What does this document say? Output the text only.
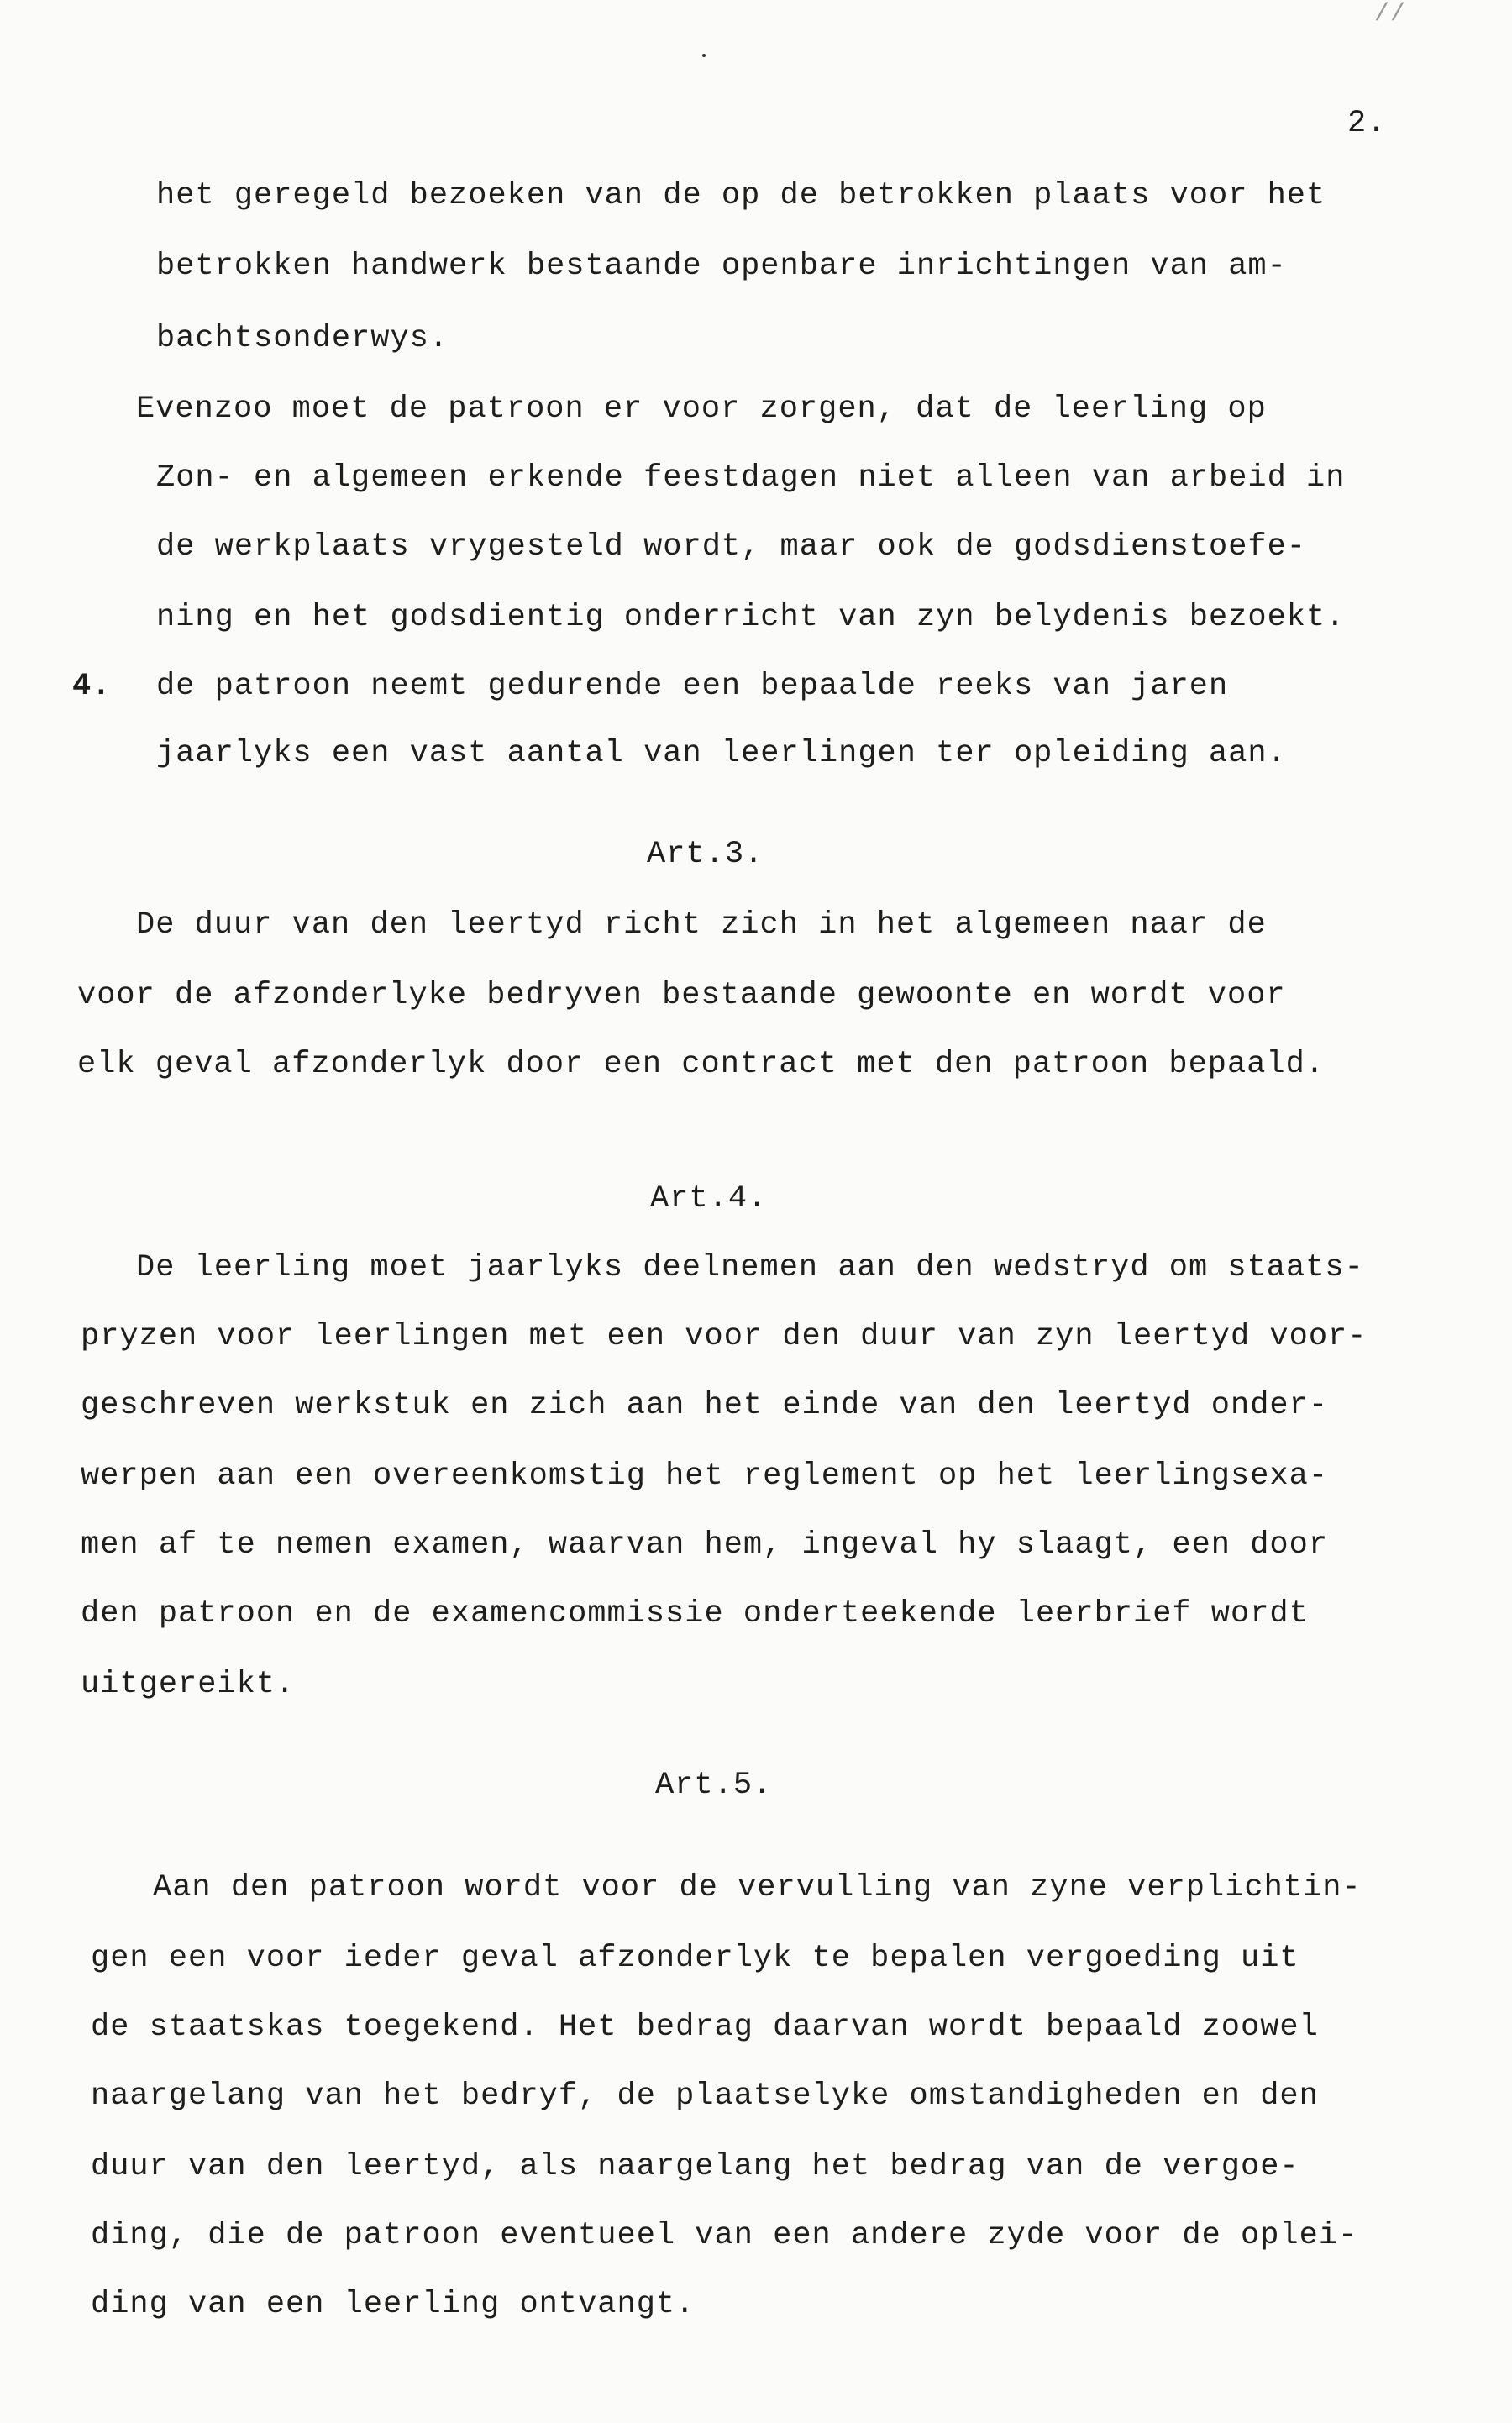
//
2.
het geregeld bezoeken van de op de betrokken plaats voor het
betrokken handwerk bestaande openbare inrichtingen van am-
bachtsonderwys.
Evenzoo moet de patroon er voor zorgen, dat de leerling op
Zon- en algemeen erkende feestdagen niet alleen van arbeid in
de werkplaats vrygesteld wordt, maar ook de godsdienstoefe-
ning en het godsdientig onderricht van zyn belydenis bezoekt.
4. de patroon neemt gedurende een bepaalde reeks van jaren
jaarlyks een vast aantal van leerlingen ter opleiding aan.
Art.3.
De duur van den leertyd richt zich in het algemeen naar de
voor de afzonderlyke bedryven bestaande gewoonte en wordt voor
elk geval afzonderlyk door een contract met den patroon bepaald.
Art.4.
De leerling moet jaarlyks deelnemen aan den wedstryd om staats-
pryzen voor leerlingen met een voor den duur van zyn leertyd voor-
geschreven werkstuk en zich aan het einde van den leertyd onder-
werpen aan een overeenkomstig het reglement op het leerlingsexa-
men af te nemen examen, waarvan hem, ingeval hy slaagt, een door
den patroon en de examencommissie onderteekende leerbrief wordt
uitgereikt.
Art.5.
Aan den patroon wordt voor de vervulling van zyne verplichtin-
gen een voor ieder geval afzonderlyk te bepalen vergoeding uit
de staatskas toegekend. Het bedrag daarvan wordt bepaald zoowel
naargelang van het bedryf, de plaatselyke omstandigheden en den
duur van den leertyd, als naargelang het bedrag van de vergoe-
ding, die de patroon eventueel van een andere zyde voor de oplei-
ding van een leerling ontvangt.
